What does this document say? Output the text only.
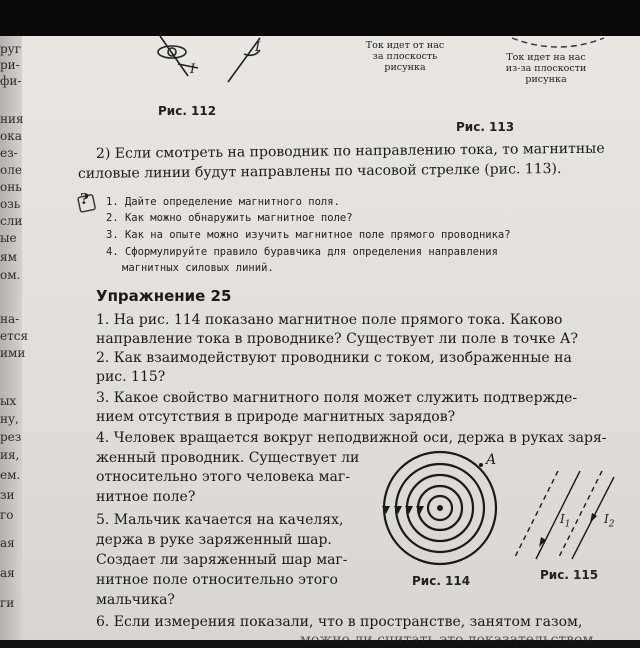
руг
ри-
фи-
ния
ока
ез-
оле
онь
озь
сли
ые
ям
ом.
на-
ется
ими
ых
ну,
рез
ия,
ем.
зи
го
ая
ая
ги
I
I
Рис. 112
Ток идет от нас за плоскость рисунка
Ток идет на нас из-за плоскости рисунка
Рис. 113
2) Если смотреть на проводник по направлению тока, то магнитные
силовые линии будут направлены по часовой стрелке (рис. 113).
? 1. Дайте определение магнитного поля.
2. Как можно обнаружить магнитное поле?
3. Как на опыте можно изучить магнитное поле прямого проводника?
4. Сформулируйте правило буравчика для определения направления
магнитных силовых линий.
Упражнение 25
1. На рис. 114 показано магнитное поле прямого тока. Каково
направление тока в проводнике? Существует ли поле в точке А?
2. Как взаимодействуют проводники с током, изображенные на
рис. 115?
3. Какое свойство магнитного поля может служить подтвержде-
нием отсутствия в природе магнитных зарядов?
4. Человек вращается вокруг неподвижной оси, держа в руках заря-
женный проводник. Существует ли
относительно этого человека маг-
нитное поле?
5. Мальчик качается на качелях,
держа в руке заряженный шар.
Создает ли заряженный шар маг-
нитное поле относительно этого
мальчика?
6. Если измерения показали, что в пространстве, занятом газом,
можно ли считать это доказательством
A
Рис. 114
$I_1$	$I_2$
Рис. 115
